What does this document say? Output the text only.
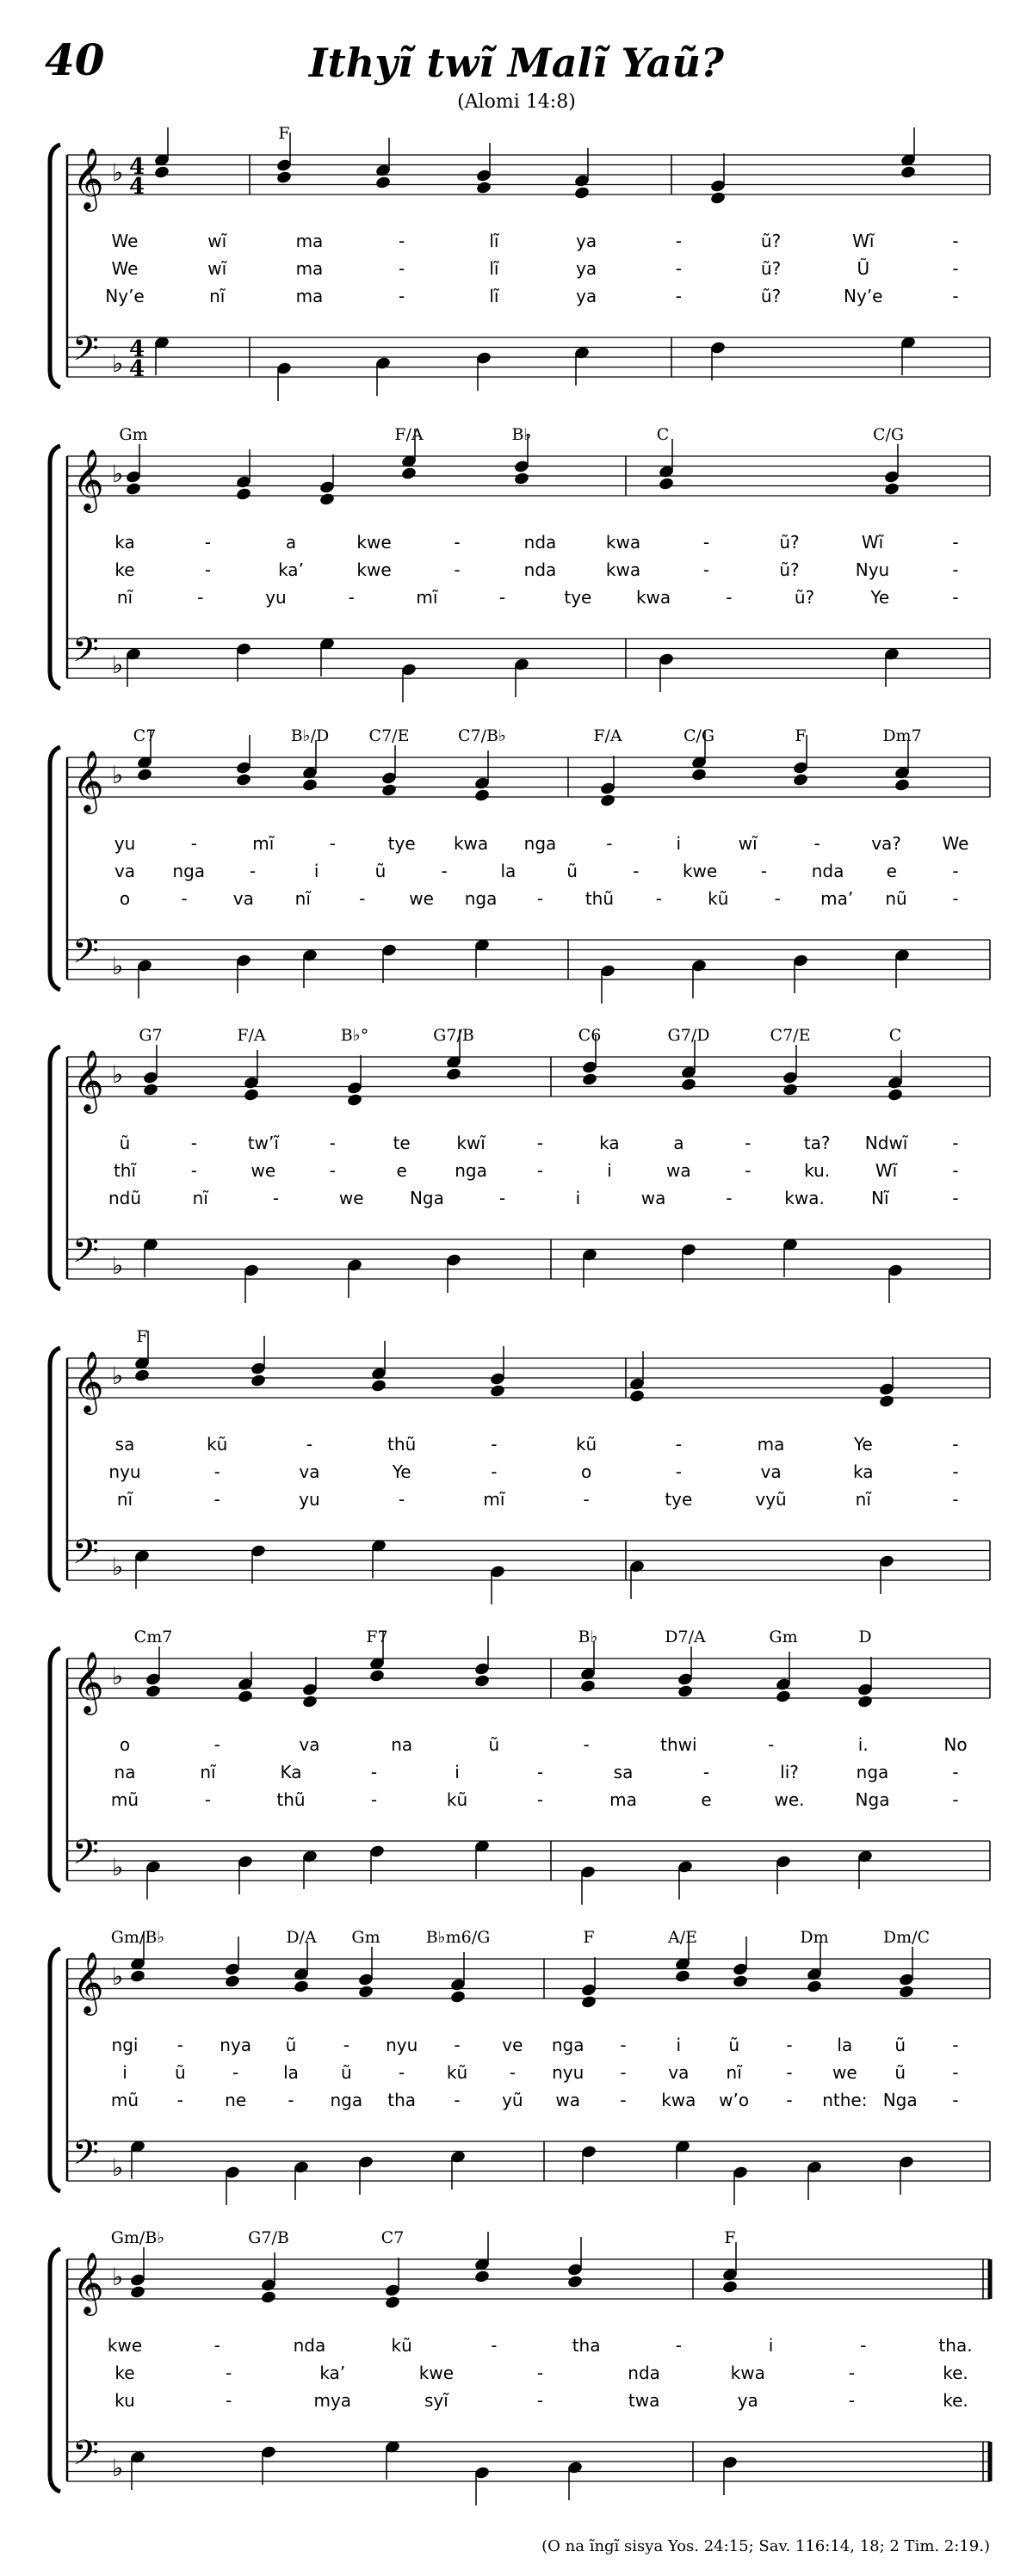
40	Ithyĩ twĩ Malĩ Yaũ?
(Alomi 14:8)
𝄞
𝄢
♭
♭
4
4
4
4
𝄞
𝄢
♭
♭
𝄞
𝄢
♭
♭
𝄞
𝄢
♭
♭
𝄞
𝄢
♭
♭
𝄞
𝄢
♭
♭
𝄞
𝄢
♭
♭
𝄞
𝄢
♭
♭
F
We	wĩ	ma	-	lĩ	ya	-	ũ?	Wĩ	-
We	wĩ	ma	-	lĩ	ya	-	ũ?	Ũ	-
Ny’e	nĩ	ma	-	lĩ	ya	-	ũ?	Ny’e	-
Gm	F/A	B♭	C	C/G
ka	-	a	kwe	-	nda	kwa	-	ũ?	Wĩ	-
ke	-	ka’	kwe	-	nda	kwa	-	ũ?	Nyu	-
nĩ	-	yu	-	mĩ	-	tye	kwa	-	ũ?	Ye	-
C7	B♭/D C7/E	C7/B♭	F/A	C/G	F	Dm7
yu	-	mĩ	-	tye kwa nga	-	i	wĩ	-	va? We
va nga	-	i	ũ	-	la	ũ	-	kwe	-	nda e	-
o	-	va nĩ	-	we nga - thũ -	kũ	- ma’ nũ	-
G7	F/A	B♭°	G7/B	C6	G7/D	C7/E	C
ũ	-	tw’ĩ	-	te	kwĩ	-	ka	a	-	ta? Ndwĩ	-
thĩ	-	we	-	e	nga	-	i	wa	-	ku.	Wĩ	-
ndũ	nĩ	-	we	Nga	-	i	wa	-	kwa.	Nĩ	-
F
sa	kũ	-	thũ	-	kũ	-	ma	Ye	-
nyu	-	va	Ye	-	o	-	va	ka	-
nĩ	-	yu	-	mĩ	-	tye	vyũ	nĩ	-
Cm7	F7	B♭	D7/A	Gm	D
o	-	va	na	ũ	-	thwi	-	i.	No
na	nĩ	Ka	-	i	-	sa	-	li?	nga	-
mũ	-	thũ	-	kũ	-	ma	e	we.	Nga	-
Gm/B♭	D/A Gm	B♭m6/G	F	A/E	Dm	Dm/C
ngi - nya ũ	- nyu - ve nga -	i	ũ	-	la ũ	-
i	ũ	-	la ũ	- kũ - nyu - va nĩ	- we ũ	-
mũ - ne - nga tha - yũ wa - kwa w’o - nthe: Nga -
Gm/B♭	G7/B	C7	F
kwe	-	nda	kũ	-	tha	-	i	-	tha.
ke	-	ka’	kwe	-	nda	kwa	-	ke.
ku	-	mya	syĩ	-	twa	ya	-	ke.
(O na ĩngĩ sisya Yos. 24:15; Sav. 116:14, 18; 2 Tim. 2:19.)
